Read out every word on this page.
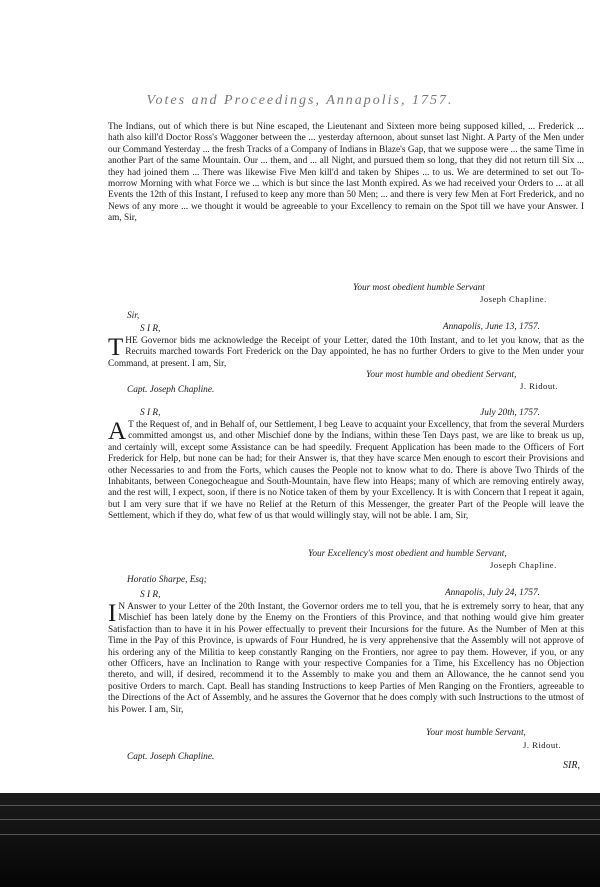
Votes and Proceedings, Annapolis, 1757.

The Indians, out of which there is but Nine escaped, the Lieutenant and Sixteen more being supposed killed, ... Frederick ... hath also kill'd Doctor Ross's Waggoner between the ... yesterday afternoon, about sunset last Night. A Party of the Men under our Command Yesterday ... the fresh Tracks of a Company of Indians in Blaze's Gap, that we suppose were ... the same Time in another Part of the same Mountain. Our ... them, and ... all Night, and pursued them so long, that they did not return till Six ... they had joined them ... There was likewise Five Men kill'd and taken by Shipes ... to us. We are determined to set out To-morrow Morning with what Force we ... which is but since the last Month expired. As we had received your Orders to ... at all Events the 12th of this Instant, I refused to keep any more than 50 Men; ... and there is very few Men at Fort Frederick, and no News of any more ... we thought it would be agreeable to your Excellency to remain on the Spot till we have your Answer. I am, Sir,

Your most obedient humble Servant
Joseph Chapline.
Sir,
Annapolis, June 13, 1757.
S I R,
T HE Governor bids me acknowledge the Receipt of your Letter, dated the 10th Instant, and to let you know, that as the Recruits marched towards Fort Frederick on the Day appointed, he has no further Orders to give to the Men under your Command, at present. I am, Sir,

Your most humble and obedient Servant,
J. Ridout.
Capt. Joseph Chapline.
S I R,	July 20th, 1757.
A T the Request of, and in Behalf of, our Settlement, I beg Leave to acquaint your Excellency, that from the several Murders committed amongst us, and other Mischief done by the Indians, within these Ten Days past, we are like to break us up, and certainly will, except some Assistance can be had speedily. Frequent Application has been made to the Officers of Fort Frederick for Help, but none can be had; for their Answer is, that they have scarce Men enough to escort their Provisions and other Necessaries to and from the Forts, which causes the People not to know what to do. There is above Two Thirds of the Inhabitants, between Conegocheague and South-Mountain, have flew into Heaps; many of which are removing entirely away, and the rest will, I expect, soon, if there is no Notice taken of them by your Excellency. It is with Concern that I repeat it again, but I am very sure that if we have no Relief at the Return of this Messenger, the greater Part of the People will leave the Settlement, which if they do, what few of us that would willingly stay, will not be able. I am, Sir,

Your Excellency's most obedient and humble Servant,
Joseph Chapline.
Horatio Sharpe, Esq;
Annapolis, July 24, 1757.
S I R,
I N Answer to your Letter of the 20th Instant, the Governor orders me to tell you, that he is extremely sorry to hear, that any Mischief has been lately done by the Enemy on the Frontiers of this Province, and that nothing would give him greater Satisfaction than to have it in his Power effectually to prevent their Incursions for the future. As the Number of Men at this Time in the Pay of this Province, is upwards of Four Hundred, he is very apprehensive that the Assembly will not approve of his ordering any of the Militia to keep constantly Ranging on the Frontiers, nor agree to pay them. However, if you, or any other Officers, have an Inclination to Range with your respective Companies for a Time, his Excellency has no Objection thereto, and will, if desired, recommend it to the Assembly to make you and them an Allowance, the he cannot send you positive Orders to march. Capt. Beall has standing Instructions to keep Parties of Men Ranging on the Frontiers, agreeable to the Directions of the Act of Assembly, and he assures the Governor that he does comply with such Instructions to the utmost of his Power. I am, Sir,

Your most humble Servant,
J. Ridout.
Capt. Joseph Chapline.
SIR,
